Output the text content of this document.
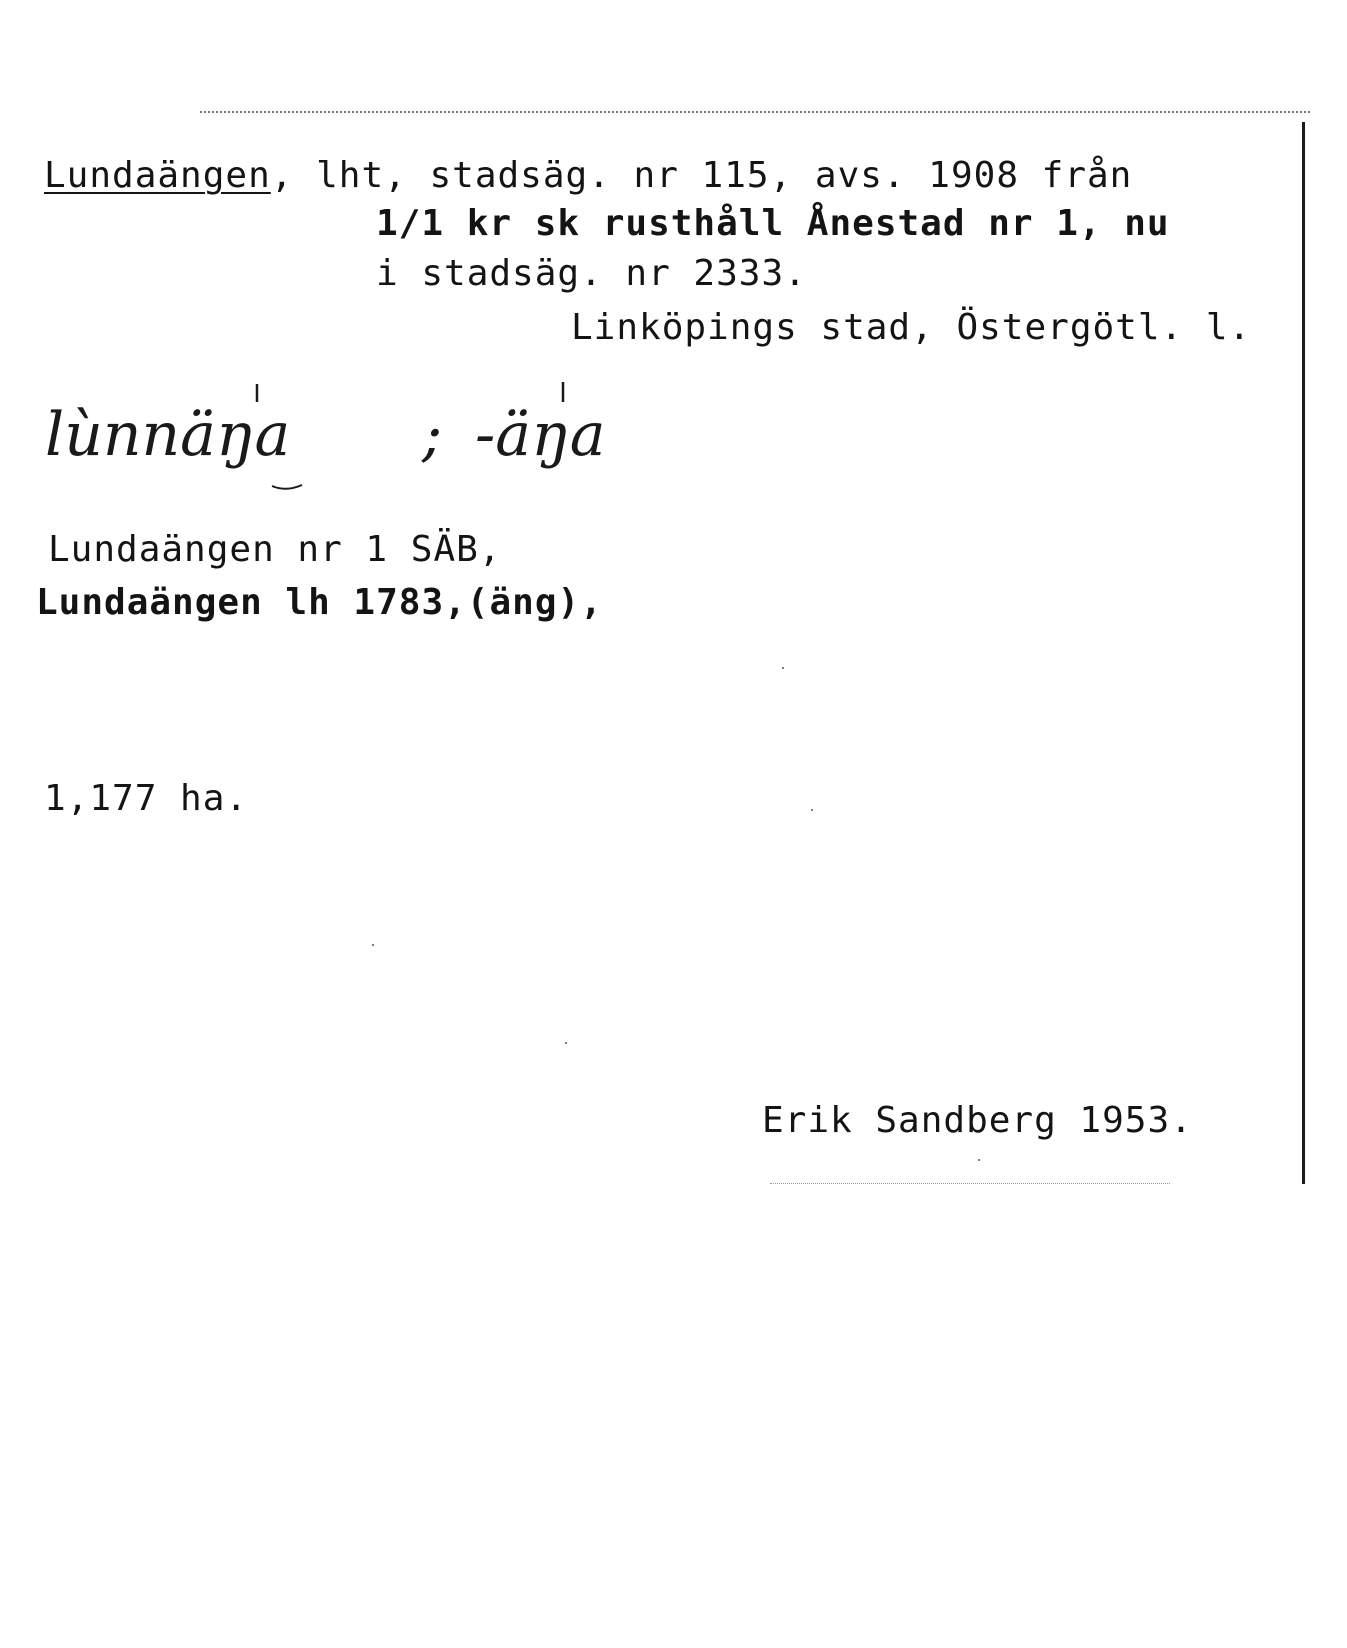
Lundaängen, lht, stadsäg. nr 115, avs. 1908 från
1/1 kr sk rusthåll Ånestad nr 1, nu
i stadsäg. nr 2333.
Linköpings stad, Östergötl. l.
lùnnäŋa ; -äŋa
Lundaängen nr 1 SÄB,
Lundaängen lh 1783,(äng),
1,177 ha.
Erik Sandberg 1953.
